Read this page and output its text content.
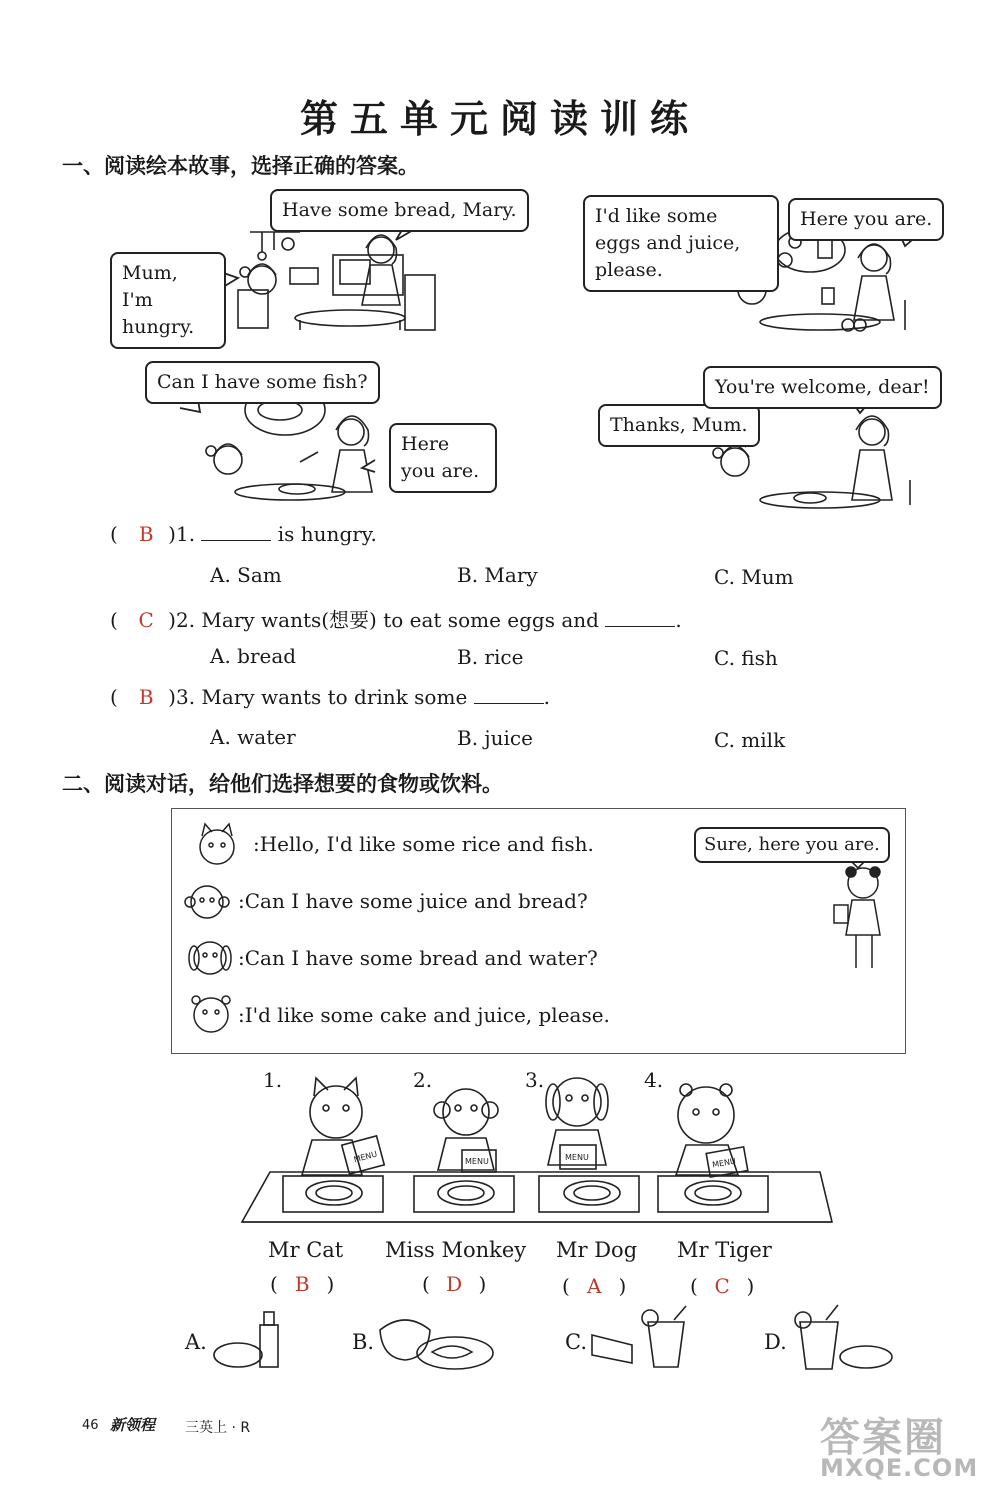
第五单元阅读训练
一、阅读绘本故事，选择正确的答案。
Mum, I'm hungry.
Have some bread, Mary.	I'd like some eggs and juice, please.
Here you are.
Can I have some fish?
Here you are.
Thanks, Mum.
You're welcome, dear!
( B )1.	is hungry.
A. Sam	B. Mary	C. Mum
( C )2. Mary wants(想要) to eat some eggs and	.
A. bread	B. rice	C. fish
( B )3. Mary wants to drink some	.
A. water	B. juice	C. milk
二、阅读对话，给他们选择想要的食物或饮料。
:Hello, I'd like some rice and fish.
:Can I have some juice and bread?
:Can I have some bread and water?
:I'd like some cake and juice, please.
Sure, here you are.
1.	2.	3.	4.
MENU	MENU	MENU	MENU
Mr Cat Miss Monkey Mr Dog Mr Tiger
( B )	( D )	( A )	( C )
A.	B.	C.	D.
46 新领程 三英上 · R	答案圈
MXQE.COM
